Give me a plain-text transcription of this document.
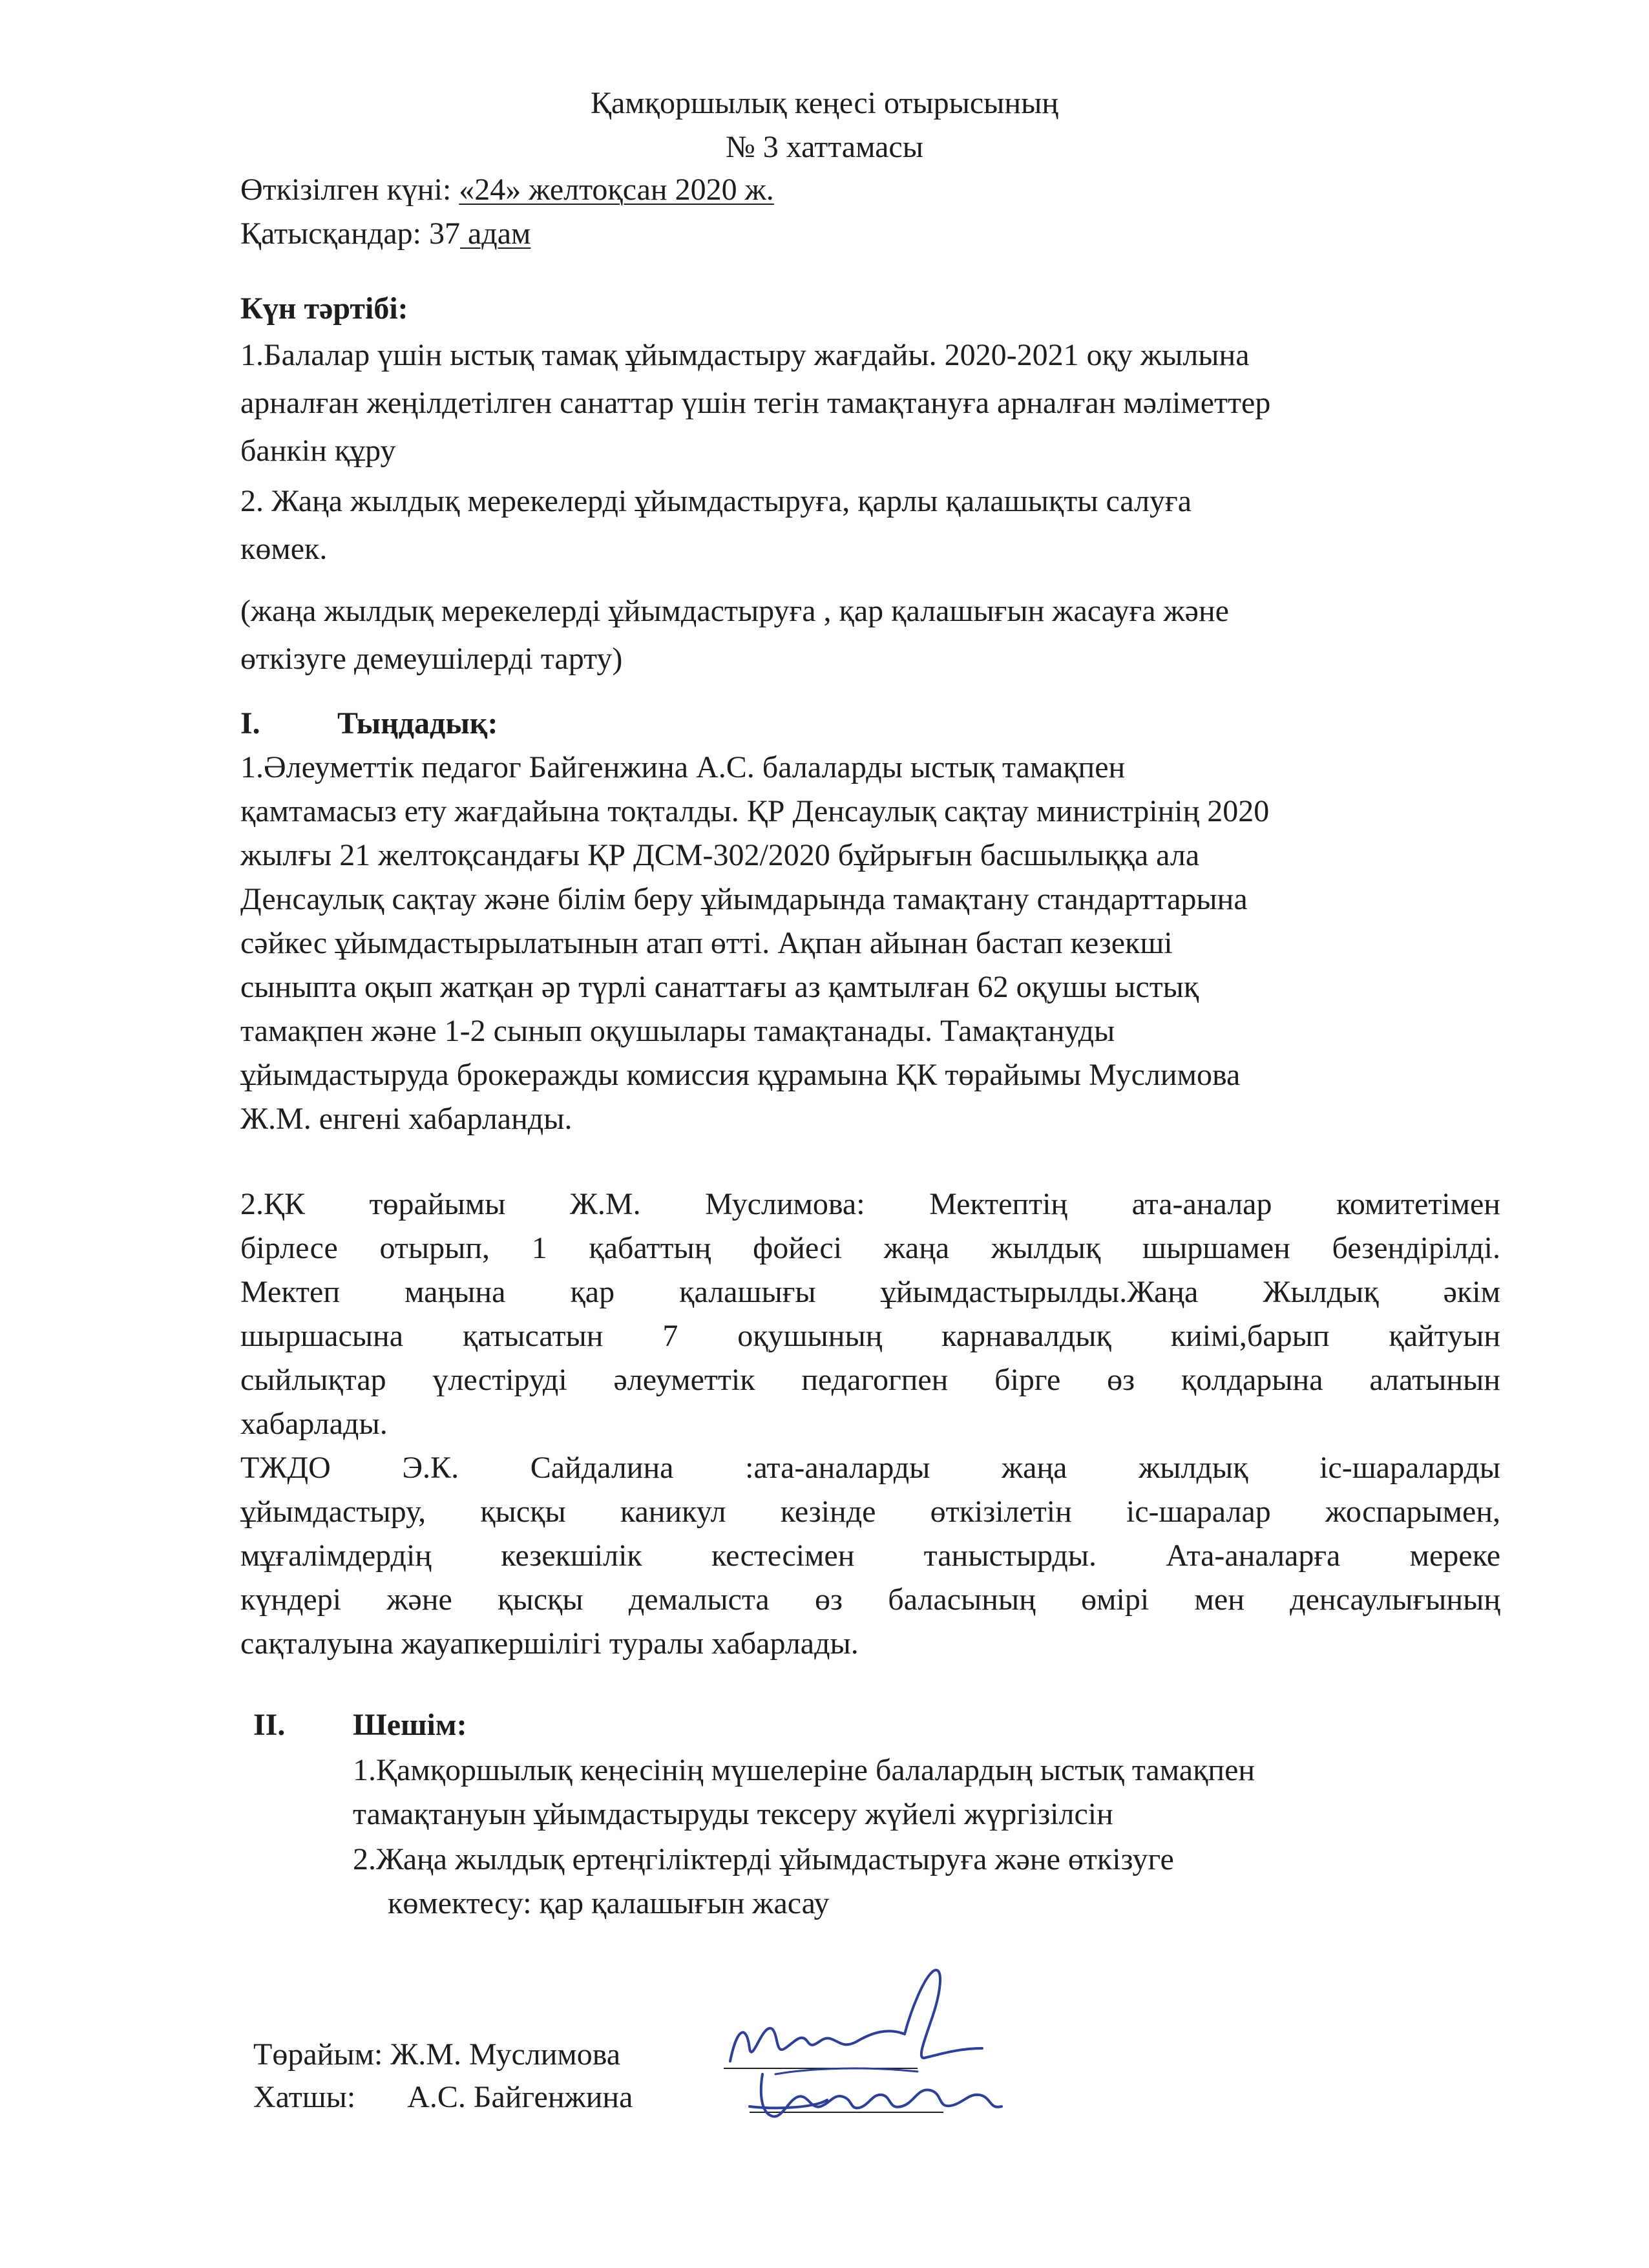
Қамқоршылық кеңесі отырысының
№ 3 хаттамасы
Өткізілген күні: «24» желтоқсан 2020 ж.
Қатысқандар: 37 адам
Күн тәртібі:
1.Балалар үшін ыстық тамақ ұйымдастыру жағдайы. 2020-2021 оқу жылына
арналған жеңілдетілген санаттар үшін тегін тамақтануға арналған мәліметтер
банкін құру
2. Жаңа жылдық мерекелерді ұйымдастыруға, қарлы қалашықты салуға
көмек.
(жаңа жылдық мерекелерді ұйымдастыруға , қар қалашығын жасауға және
өткізуге демеушілерді тарту)
I. Тыңдадық:
1.Әлеуметтік педагог Байгенжина А.С. балаларды ыстық тамақпен
қамтамасыз ету жағдайына тоқталды. ҚР Денсаулық сақтау министрінің 2020
жылғы 21 желтоқсандағы ҚР ДСМ-302/2020 бұйрығын басшылыққа ала
Денсаулық сақтау және білім беру ұйымдарында тамақтану стандарттарына
сәйкес ұйымдастырылатынын атап өтті. Ақпан айынан бастап кезекші
сыныпта оқып жатқан әр түрлі санаттағы аз қамтылған 62 оқушы ыстық
тамақпен және 1-2 сынып оқушылары тамақтанады. Тамақтануды
ұйымдастыруда брокеражды комиссия құрамына ҚК төрайымы Муслимова
Ж.М. енгені хабарланды.
2.ҚК төрайымы Ж.М. Муслимова: Мектептің ата-аналар комитетімен
бірлесе отырып, 1 қабаттың фойесі жаңа жылдық шыршамен безендірілді.
Мектеп маңына қар қалашығы ұйымдастырылды.Жаңа Жылдық әкім
шыршасына қатысатын 7 оқушының карнавалдық киімі,барып қайтуын
сыйлықтар үлестіруді әлеуметтік педагогпен бірге өз қолдарына алатынын
хабарлады.
ТЖДО Э.К. Сайдалина :ата-аналарды жаңа жылдық іс-шараларды
ұйымдастыру, қысқы каникул кезінде өткізілетін іс-шаралар жоспарымен,
мұғалімдердің кезекшілік кестесімен таныстырды. Ата-аналарға мереке
күндері және қысқы демалыста өз баласының өмірі мен денсаулығының
сақталуына жауапкершілігі туралы хабарлады.
II. Шешім:
1.Қамқоршылық кеңесінің мүшелеріне балалардың ыстық тамақпен
тамақтануын ұйымдастыруды тексеру жүйелі жүргізілсін
2.Жаңа жылдық ертеңгіліктерді ұйымдастыруға және өткізуге
көмектесу: қар қалашығын жасау
Төрайым: Ж.М. Муслимова
Хатшы: А.С. Байгенжина
